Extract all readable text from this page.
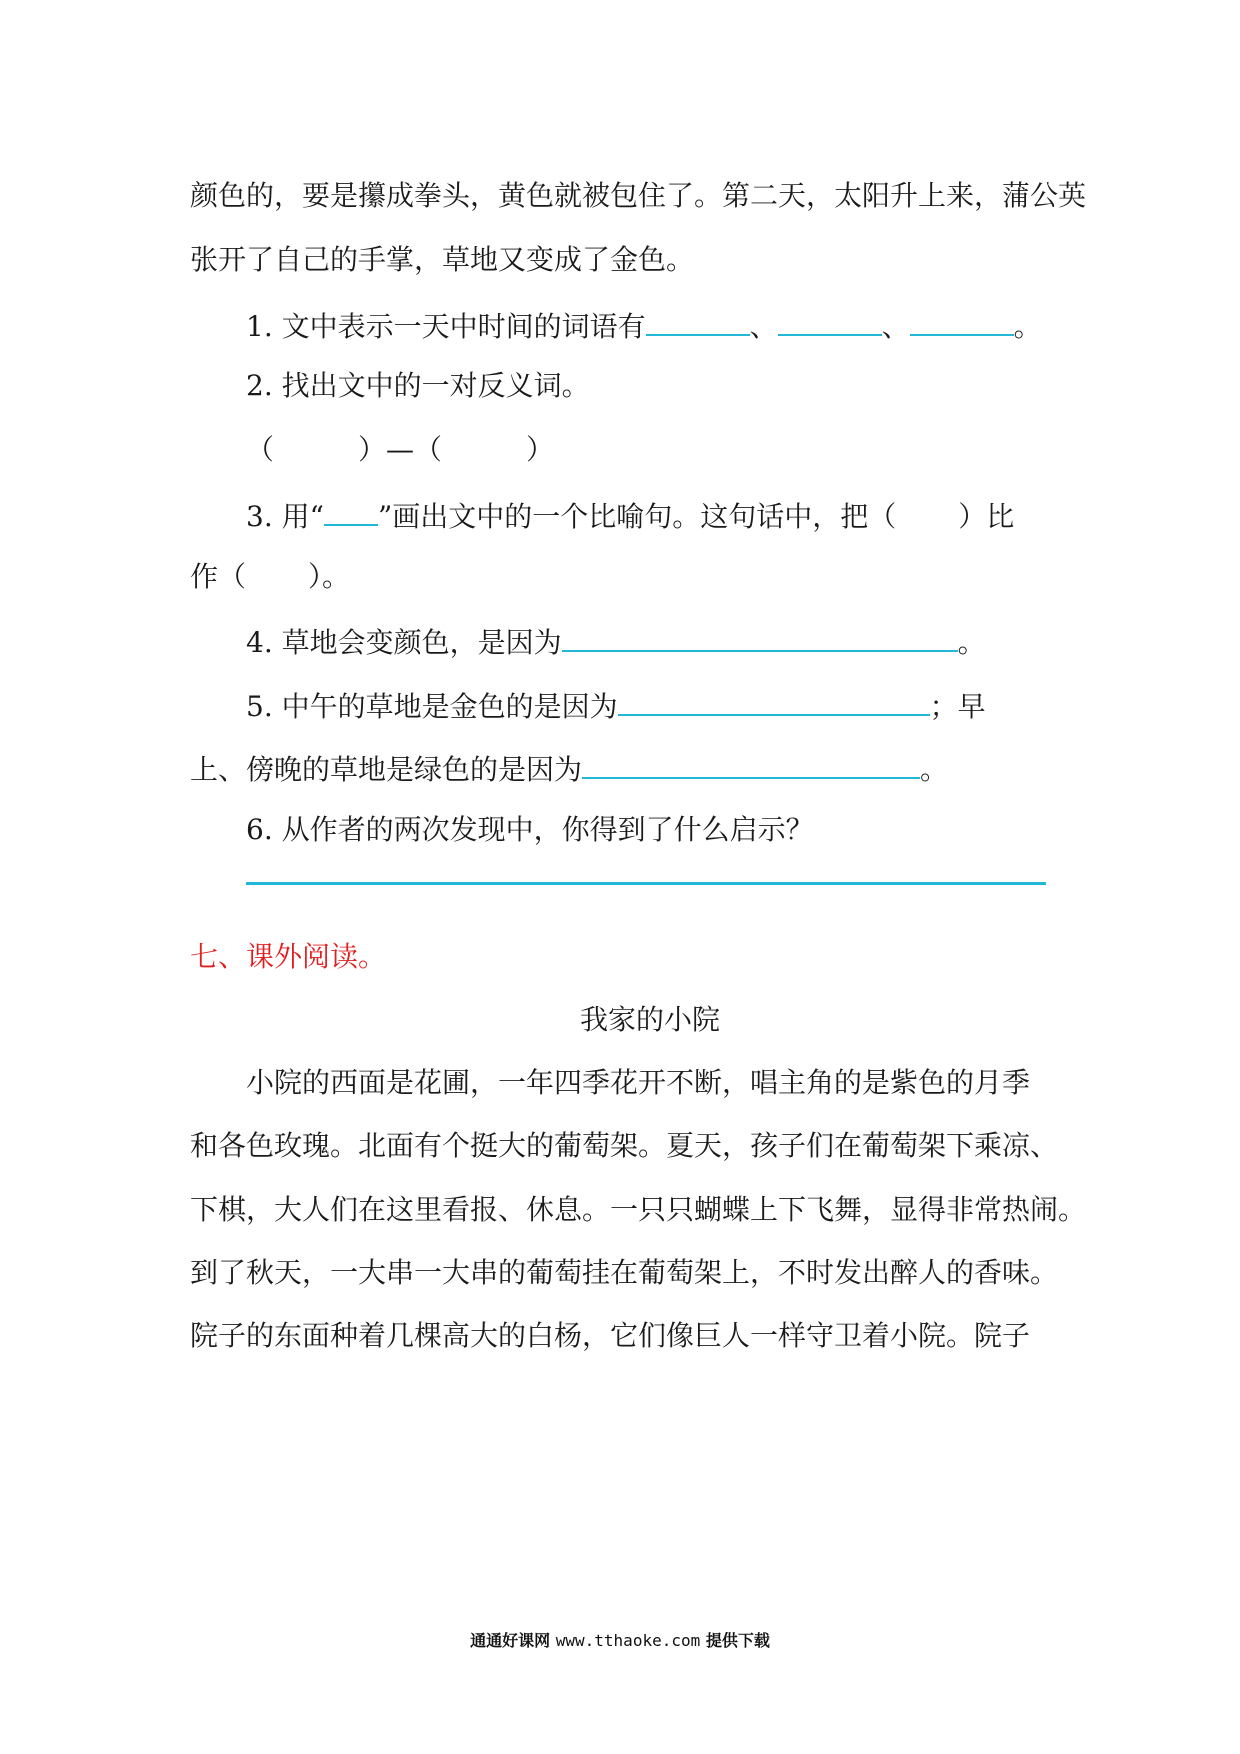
颜色的，要是攥成拳头，黄色就被包住了。第二天，太阳升上来，蒲公英
张开了自己的手掌，草地又变成了金色。
1. 文中表示一天中时间的词语有	、	、	。
2. 找出文中的一对反义词。
（	）—（	）
3. 用“ ”画出文中的一个比喻句。这句话中，把（ ）比
作（ ）。
4. 草地会变颜色，是因为	。
5. 中午的草地是金色的是因为	；早
上、傍晚的草地是绿色的是因为	。
6. 从作者的两次发现中，你得到了什么启示？
七、课外阅读。
我家的小院
小院的西面是花圃，一年四季花开不断，唱主角的是紫色的月季
和各色玫瑰。北面有个挺大的葡萄架。夏天，孩子们在葡萄架下乘凉、
下棋，大人们在这里看报、休息。一只只蝴蝶上下飞舞，显得非常热闹。
到了秋天，一大串一大串的葡萄挂在葡萄架上，不时发出醉人的香味。
院子的东面种着几棵高大的白杨，它们像巨人一样守卫着小院。院子
通通好课网 www.tthaoke.com 提供下载
